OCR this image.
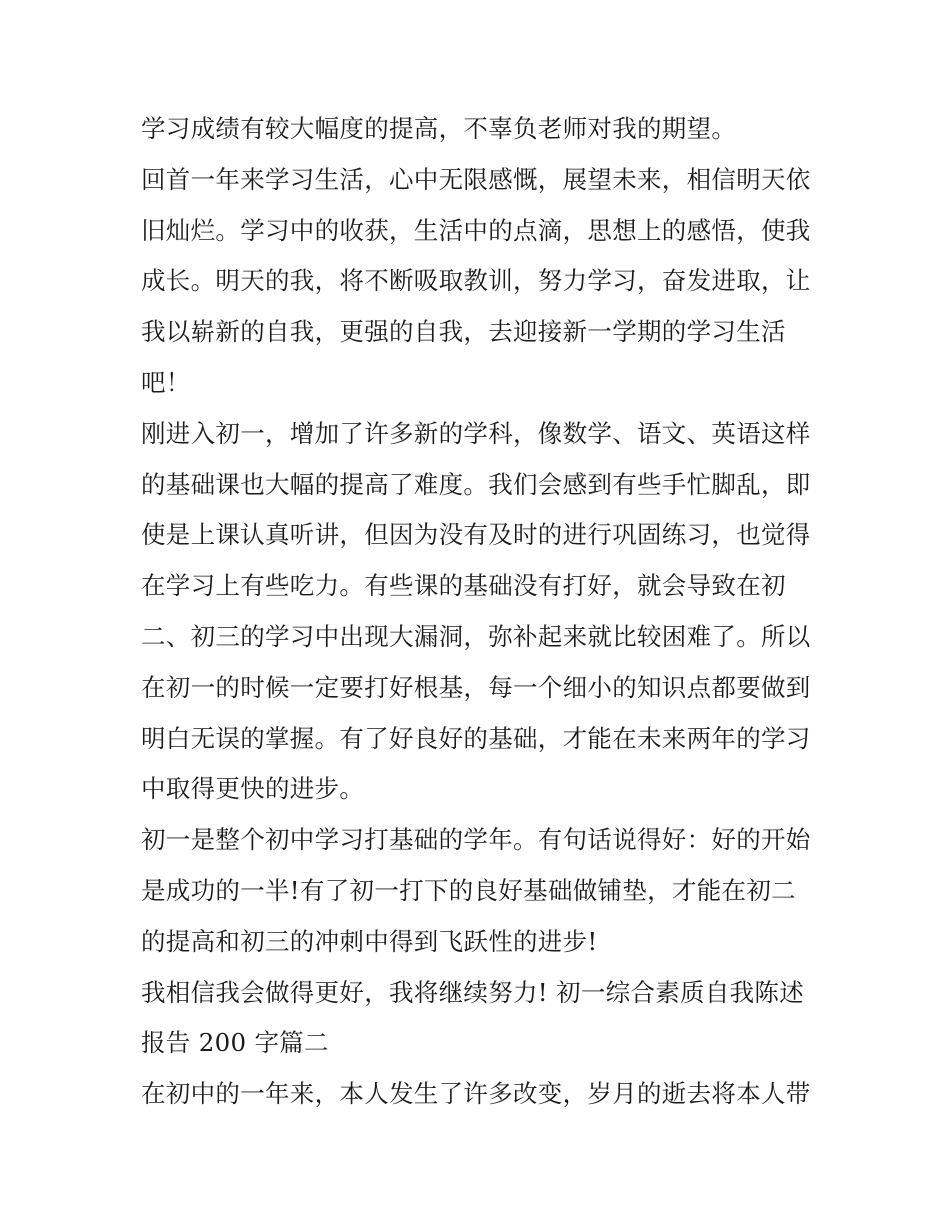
学习成绩有较大幅度的提高，不辜负老师对我的期望。
回首一年来学习生活，心中无限感慨，展望未来，相信明天依
旧灿烂。学习中的收获，生活中的点滴，思想上的感悟，使我
成长。明天的我，将不断吸取教训，努力学习，奋发进取，让
我以崭新的自我，更强的自我，去迎接新一学期的学习生活
吧！
刚进入初一，增加了许多新的学科，像数学、语文、英语这样
的基础课也大幅的提高了难度。我们会感到有些手忙脚乱，即
使是上课认真听讲，但因为没有及时的进行巩固练习，也觉得
在学习上有些吃力。有些课的基础没有打好，就会导致在初
二、初三的学习中出现大漏洞，弥补起来就比较困难了。所以
在初一的时候一定要打好根基，每一个细小的知识点都要做到
明白无误的掌握。有了好良好的基础，才能在未来两年的学习
中取得更快的进步。
初一是整个初中学习打基础的学年。有句话说得好：好的开始
是成功的一半!有了初一打下的良好基础做铺垫，才能在初二
的提高和初三的冲刺中得到飞跃性的进步!
我相信我会做得更好，我将继续努力! 初一综合素质自我陈述
报告 200 字篇二
在初中的一年来，本人发生了许多改变，岁月的逝去将本人带
